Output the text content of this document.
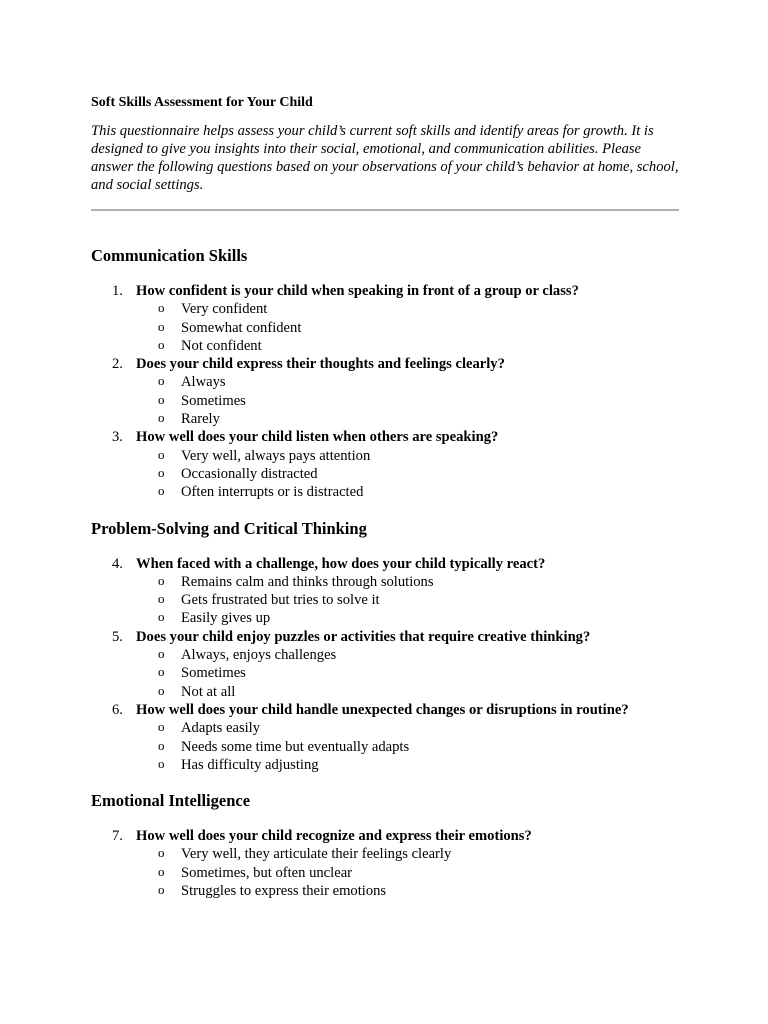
Soft Skills Assessment for Your Child

This questionnaire helps assess your child’s current soft skills and identify areas for growth. It is designed to give you insights into their social, emotional, and communication abilities. Please answer the following questions based on your observations of your child’s behavior at home, school, and social settings.

Communication Skills
1. How confident is your child when speaking in front of a group or class?
o Very confident
o Somewhat confident
o Not confident
2. Does your child express their thoughts and feelings clearly?
o Always
o Sometimes
o Rarely
3. How well does your child listen when others are speaking?
o Very well, always pays attention
o Occasionally distracted
o Often interrupts or is distracted
Problem-Solving and Critical Thinking
4. When faced with a challenge, how does your child typically react?
o Remains calm and thinks through solutions
o Gets frustrated but tries to solve it
o Easily gives up
5. Does your child enjoy puzzles or activities that require creative thinking?
o Always, enjoys challenges
o Sometimes
o Not at all
6. How well does your child handle unexpected changes or disruptions in routine?
o Adapts easily
o Needs some time but eventually adapts
o Has difficulty adjusting
Emotional Intelligence
7. How well does your child recognize and express their emotions?
o Very well, they articulate their feelings clearly
o Sometimes, but often unclear
o Struggles to express their emotions
